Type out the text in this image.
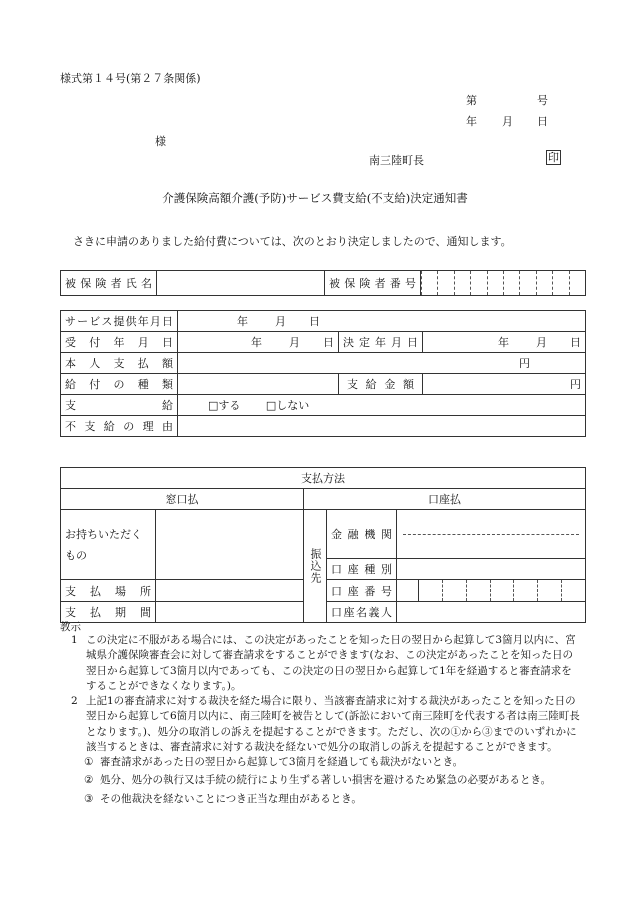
様式第１４号(第２７条関係)
第	号
年 月 日
様
南三陸町長	印
介護保険高額介護(予防)サービス費支給(不支給)決定通知書
さきに申請のありました給付費については、次のとおり決定しましたので、通知します。
被保険者氏名		被保険者番号

サービス提供年月日	年 月 日		

受付年月日	年 月 日	決定年月日	年 月 日

本人支払額	円		

給付の種類		支給金額	円

支給	□する □しない		

不支給の理由			

支払方法					
窓口払		口座払			
お持ちいただくもの		振込先	金融機関		

			口座種別		

支払場所			口座番号		

支払期間			口座名義人		

教示
1 この決定に不服がある場合には、この決定があったことを知った日の翌日から起算して3箇月以内に、宮城県介護保険審査会に対して審査請求をすることができます(なお、この決定があったことを知った日の翌日から起算して3箇月以内であっても、この決定の日の翌日から起算して1年を経過すると審査請求をすることができなくなります。)。
2 上記1の審査請求に対する裁決を経た場合に限り、当該審査請求に対する裁決があったことを知った日の翌日から起算して6箇月以内に、南三陸町を被告として(訴訟において南三陸町を代表する者は南三陸町長となります。)、処分の取消しの訴えを提起することができます。ただし、次の①から③までのいずれかに該当するときは、審査請求に対する裁決を経ないで処分の取消しの訴えを提起することができます。
① 審査請求があった日の翌日から起算して3箇月を経過しても裁決がないとき。
② 処分、処分の執行又は手続の続行により生ずる著しい損害を避けるため緊急の必要があるとき。
③ その他裁決を経ないことにつき正当な理由があるとき。
